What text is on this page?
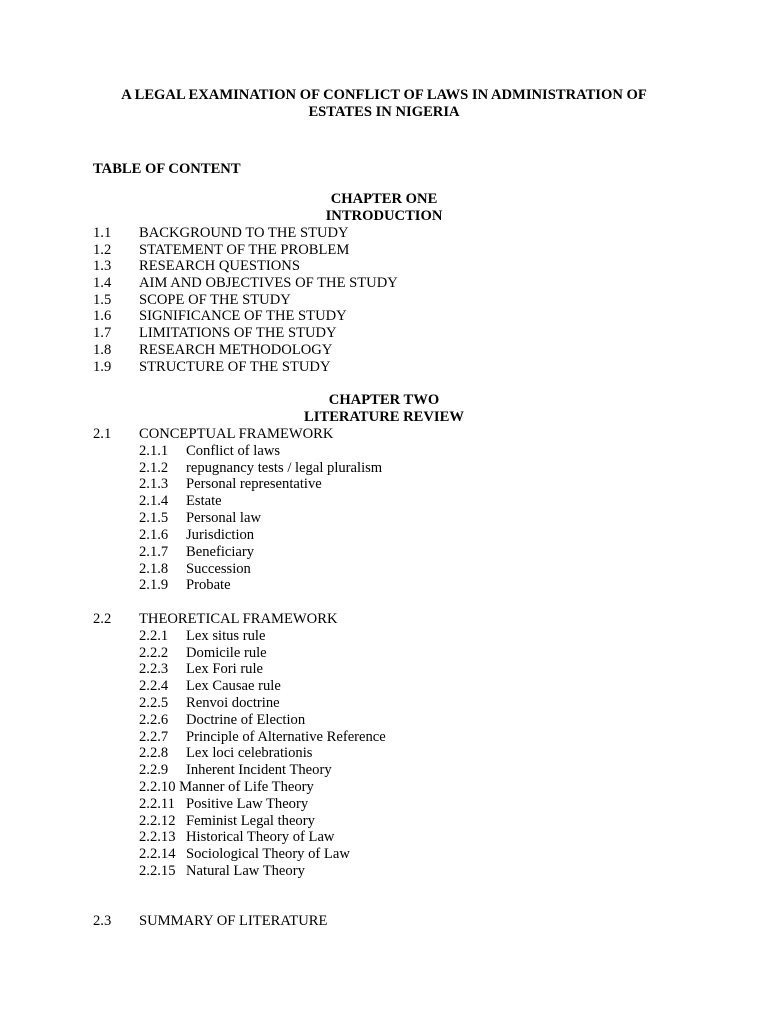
A LEGAL EXAMINATION OF CONFLICT OF LAWS IN ADMINISTRATION OF
ESTATES IN NIGERIA
TABLE OF CONTENT
CHAPTER ONE
INTRODUCTION
1.1 BACKGROUND TO THE STUDY
1.2 STATEMENT OF THE PROBLEM
1.3 RESEARCH QUESTIONS
1.4 AIM AND OBJECTIVES OF THE STUDY
1.5 SCOPE OF THE STUDY
1.6 SIGNIFICANCE OF THE STUDY
1.7 LIMITATIONS OF THE STUDY
1.8 RESEARCH METHODOLOGY
1.9 STRUCTURE OF THE STUDY
CHAPTER TWO
LITERATURE REVIEW
2.1 CONCEPTUAL FRAMEWORK
2.1.1 Conflict of laws
2.1.2 repugnancy tests / legal pluralism
2.1.3 Personal representative
2.1.4 Estate
2.1.5 Personal law
2.1.6 Jurisdiction
2.1.7 Beneficiary
2.1.8 Succession
2.1.9 Probate
2.2 THEORETICAL FRAMEWORK
2.2.1 Lex situs rule
2.2.2 Domicile rule
2.2.3 Lex Fori rule
2.2.4 Lex Causae rule
2.2.5 Renvoi doctrine
2.2.6 Doctrine of Election
2.2.7 Principle of Alternative Reference
2.2.8 Lex loci celebrationis
2.2.9 Inherent Incident Theory
2.2.10 Manner of Life Theory
2.2.11 Positive Law Theory
2.2.12 Feminist Legal theory
2.2.13 Historical Theory of Law
2.2.14 Sociological Theory of Law
2.2.15 Natural Law Theory
2.3 SUMMARY OF LITERATURE
